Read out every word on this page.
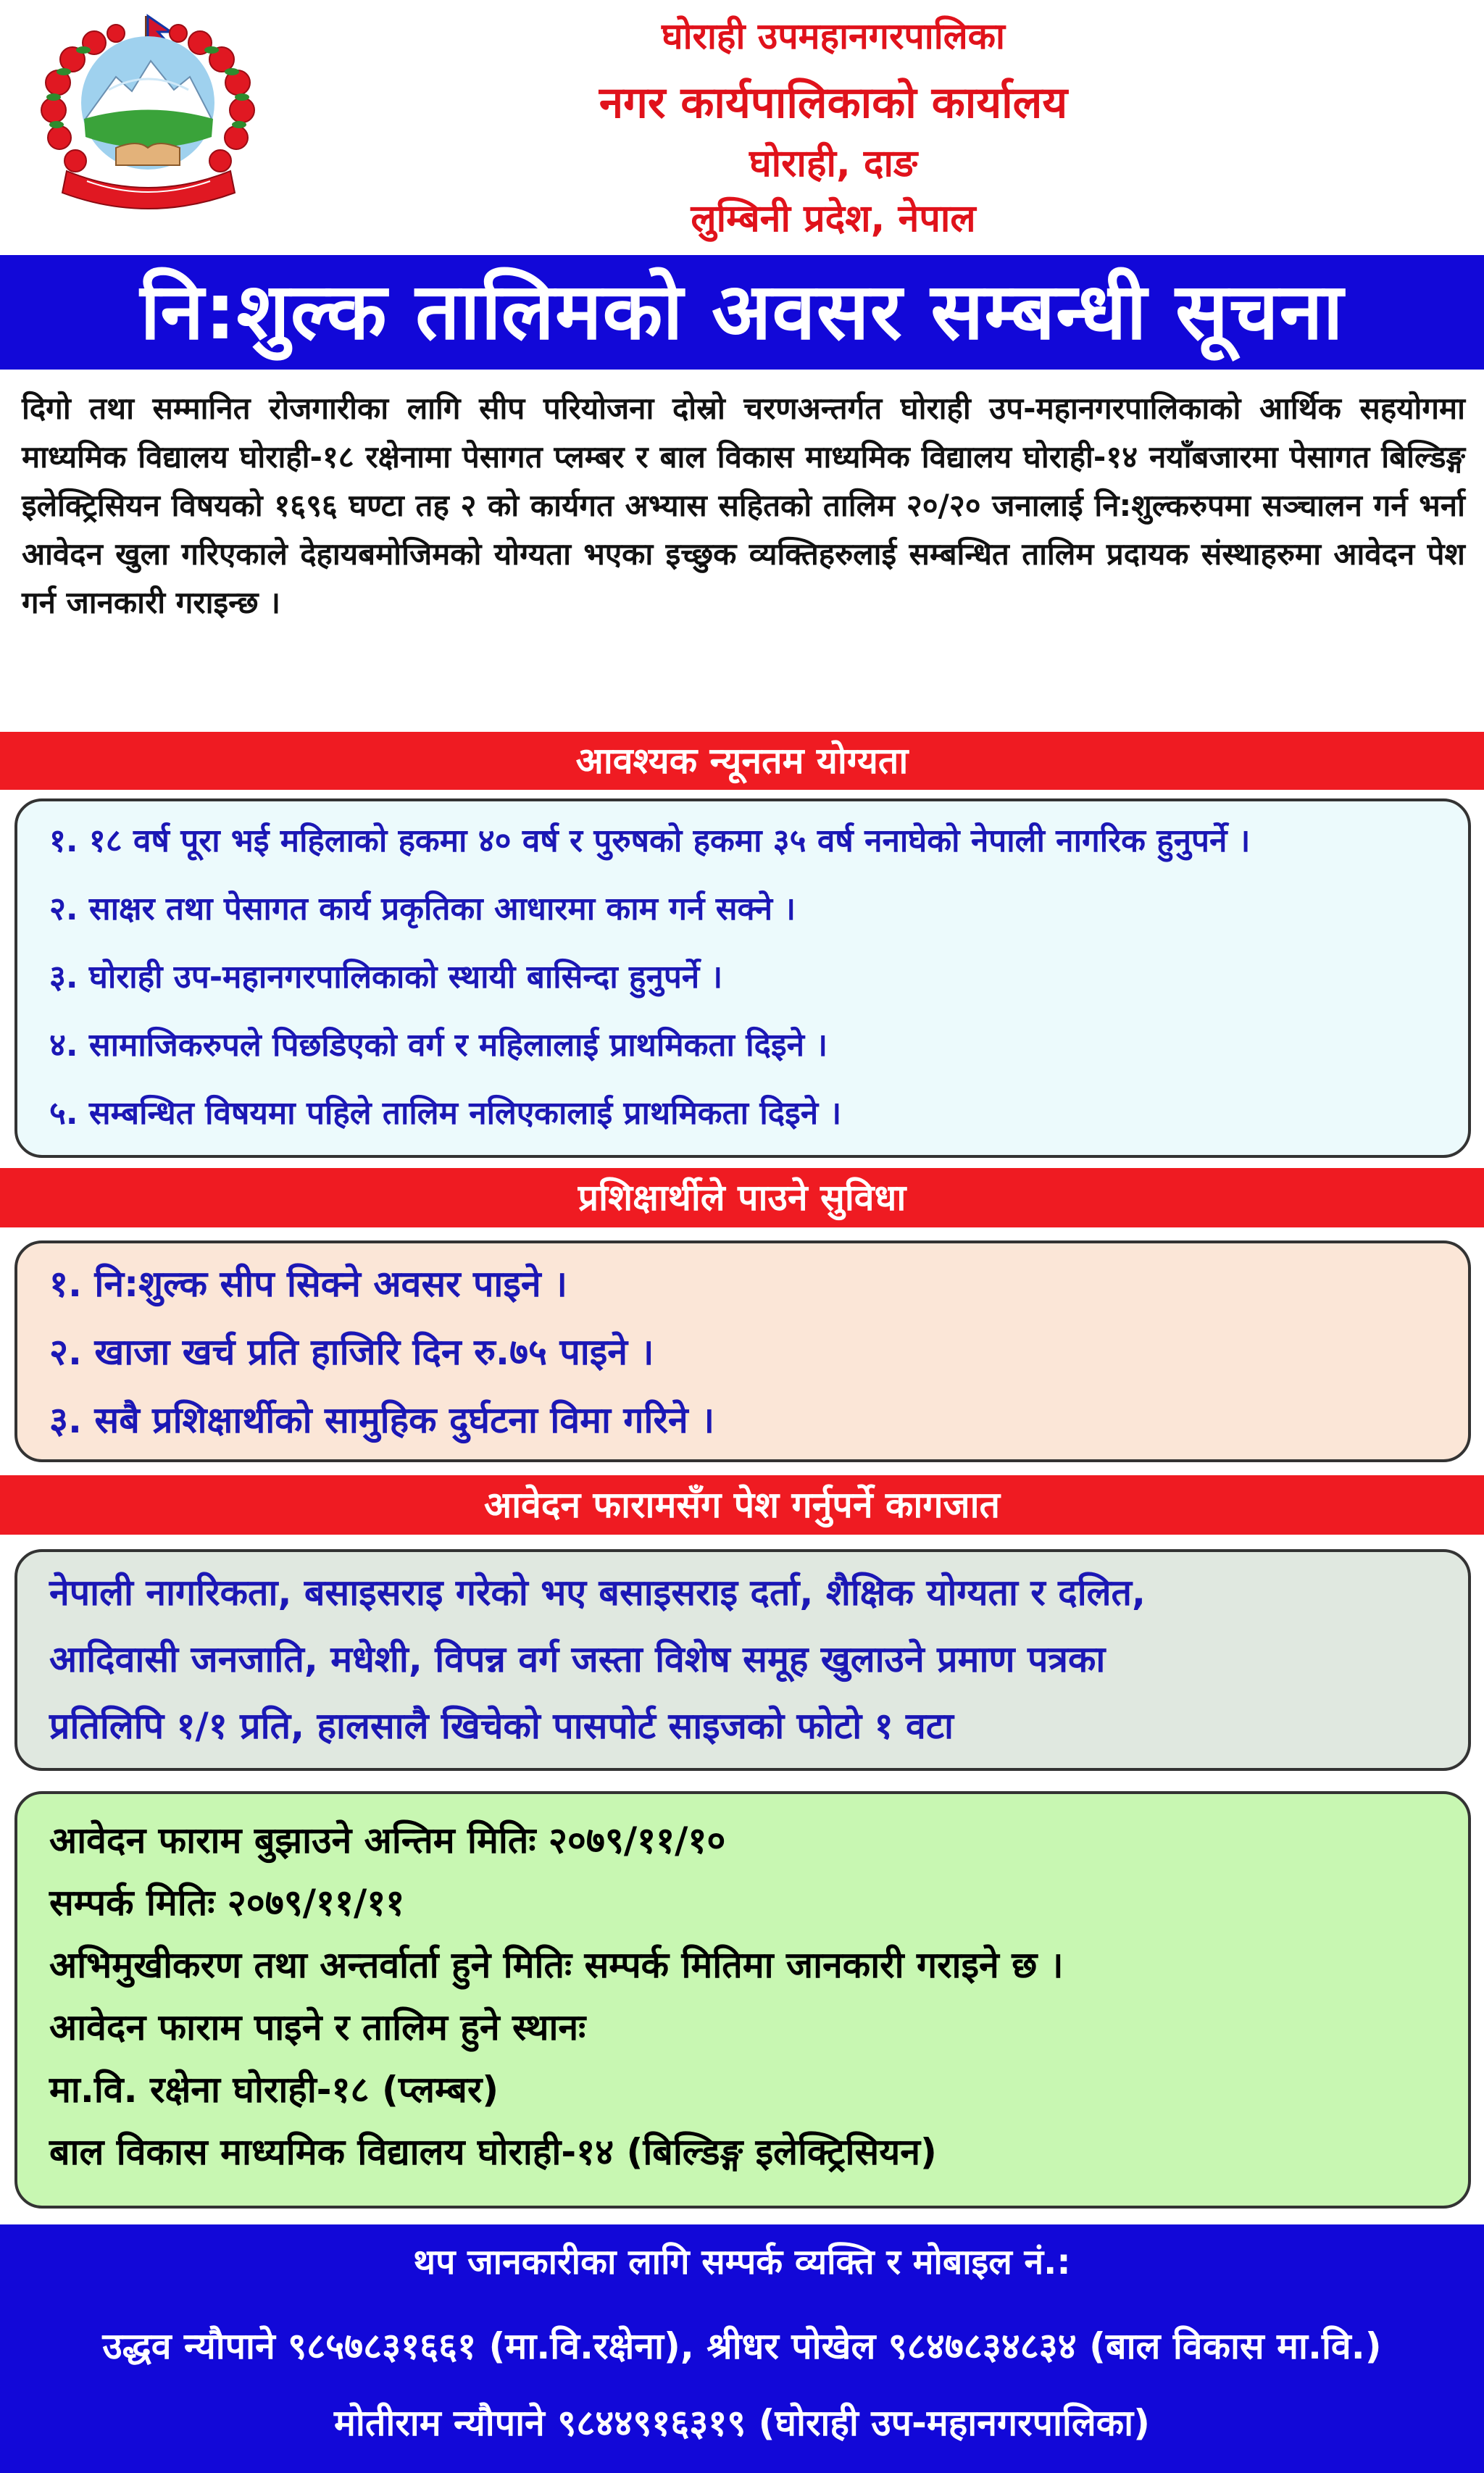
घोराही उपमहानगरपालिका
नगर कार्यपालिकाको कार्यालय
घोराही, दाङ
लुम्बिनी प्रदेश, नेपाल
नि:शुल्क तालिमको अवसर सम्बन्धी सूचना
दिगो तथा सम्मानित रोजगारीका लागि सीप परियोजना दोस्रो चरणअन्तर्गत घोराही उप-महानगरपालिकाको आर्थिक सहयोगमा माध्यमिक विद्यालय घोराही-१८ रक्षेनामा पेसागत प्लम्बर र बाल विकास माध्यमिक विद्यालय घोराही-१४ नयाँबजारमा पेसागत बिल्डिङ्ग इलेक्ट्रिसियन विषयको १६९६ घण्टा तह २ को कार्यगत अभ्यास सहितको तालिम २०/२० जनालाई नि:शुल्करुपमा सञ्चालन गर्न भर्ना आवेदन खुला गरिएकाले देहायबमोजिमको योग्यता भएका इच्छुक व्यक्तिहरुलाई सम्बन्धित तालिम प्रदायक संस्थाहरुमा आवेदन पेश गर्न जानकारी गराइन्छ ।
आवश्यक न्यूनतम योग्यता
१. १८ वर्ष पूरा भई महिलाको हकमा ४० वर्ष र पुरुषको हकमा ३५ वर्ष ननाघेको नेपाली नागरिक हुनुपर्ने ।
२. साक्षर तथा पेसागत कार्य प्रकृतिका आधारमा काम गर्न सक्ने ।
३. घोराही उप-महानगरपालिकाको स्थायी बासिन्दा हुनुपर्ने ।
४. सामाजिकरुपले पिछडिएको वर्ग र महिलालाई प्राथमिकता दिइने ।
५. सम्बन्धित विषयमा पहिले तालिम नलिएकालाई प्राथमिकता दिइने ।
प्रशिक्षार्थीले पाउने सुविधा
१. नि:शुल्क सीप सिक्ने अवसर पाइने ।
२. खाजा खर्च प्रति हाजिरि दिन रु.७५ पाइने ।
३. सबै प्रशिक्षार्थीको सामुहिक दुर्घटना विमा गरिने ।
आवेदन फारामसँग पेश गर्नुपर्ने कागजात
नेपाली नागरिकता, बसाइसराइ गरेको भए बसाइसराइ दर्ता, शैक्षिक योग्यता र दलित,
आदिवासी जनजाति, मधेशी, विपन्न वर्ग जस्ता विशेष समूह खुलाउने प्रमाण पत्रका
प्रतिलिपि १/१ प्रति, हालसालै खिचेको पासपोर्ट साइजको फोटो १ वटा
आवेदन फाराम बुझाउने अन्तिम मितिः २०७९/११/१०
सम्पर्क मितिः २०७९/११/११
अभिमुखीकरण तथा अन्तर्वार्ता हुने मितिः सम्पर्क मितिमा जानकारी गराइने छ ।
आवेदन फाराम पाइने र तालिम हुने स्थानः
मा.वि. रक्षेना घोराही-१८ (प्लम्बर)
बाल विकास माध्यमिक विद्यालय घोराही-१४ (बिल्डिङ्ग इलेक्ट्रिसियन)
थप जानकारीका लागि सम्पर्क व्यक्ति र मोबाइल नं.:
उद्धव न्यौपाने ९८५७८३१६६१ (मा.वि.रक्षेना), श्रीधर पोखेल ९८४७८३४८३४ (बाल विकास मा.वि.)
मोतीराम न्यौपाने ९८४४९१६३१९ (घोराही उप-महानगरपालिका)
